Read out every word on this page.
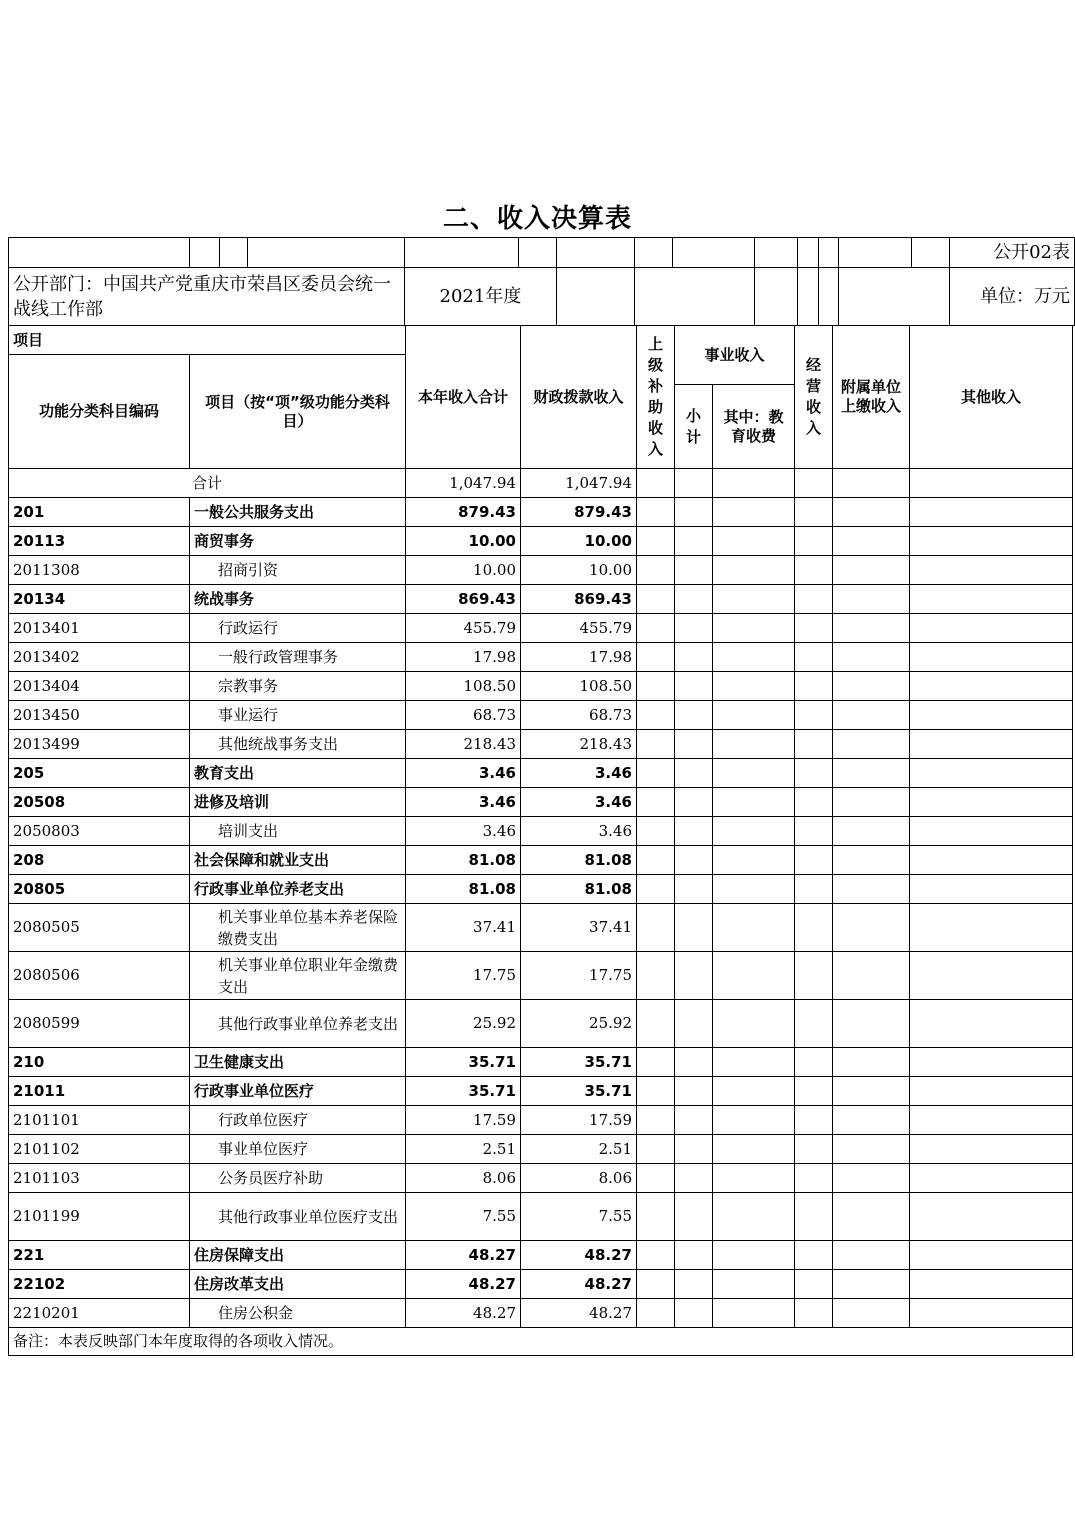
二、收入决算表
														公开02表
公开部门：中国共产党重庆市荣昌区委员会统一战线工作部				2021年度										单位：万元
项目		本年收入合计	财政拨款收入	上级补助收入	事业收入		经营收入	附属单位上缴收入	其他收入
功能分类科目编码	项目（按“项”级功能分类科目）								
					小计	其中：教育收费			
合计		1,047.94	1,047.94						
201	一般公共服务支出	879.43	879.43						
20113	商贸事务	10.00	10.00						
2011308	招商引资	10.00	10.00						
20134	统战事务	869.43	869.43						
2013401	行政运行	455.79	455.79						
2013402	一般行政管理事务	17.98	17.98						
2013404	宗教事务	108.50	108.50						
2013450	事业运行	68.73	68.73						
2013499	其他统战事务支出	218.43	218.43						
205	教育支出	3.46	3.46						
20508	进修及培训	3.46	3.46						
2050803	培训支出	3.46	3.46						
208	社会保障和就业支出	81.08	81.08						
20805	行政事业单位养老支出	81.08	81.08						
2080505	机关事业单位基本养老保险缴费支出	37.41	37.41						
2080506	机关事业单位职业年金缴费支出	17.75	17.75						
2080599	其他行政事业单位养老支出	25.92	25.92						
210	卫生健康支出	35.71	35.71						
21011	行政事业单位医疗	35.71	35.71						
2101101	行政单位医疗	17.59	17.59						
2101102	事业单位医疗	2.51	2.51						
2101103	公务员医疗补助	8.06	8.06						
2101199	其他行政事业单位医疗支出	7.55	7.55						
221	住房保障支出	48.27	48.27						
22102	住房改革支出	48.27	48.27						
2210201	住房公积金	48.27	48.27						
备注：本表反映部门本年度取得的各项收入情况。									
